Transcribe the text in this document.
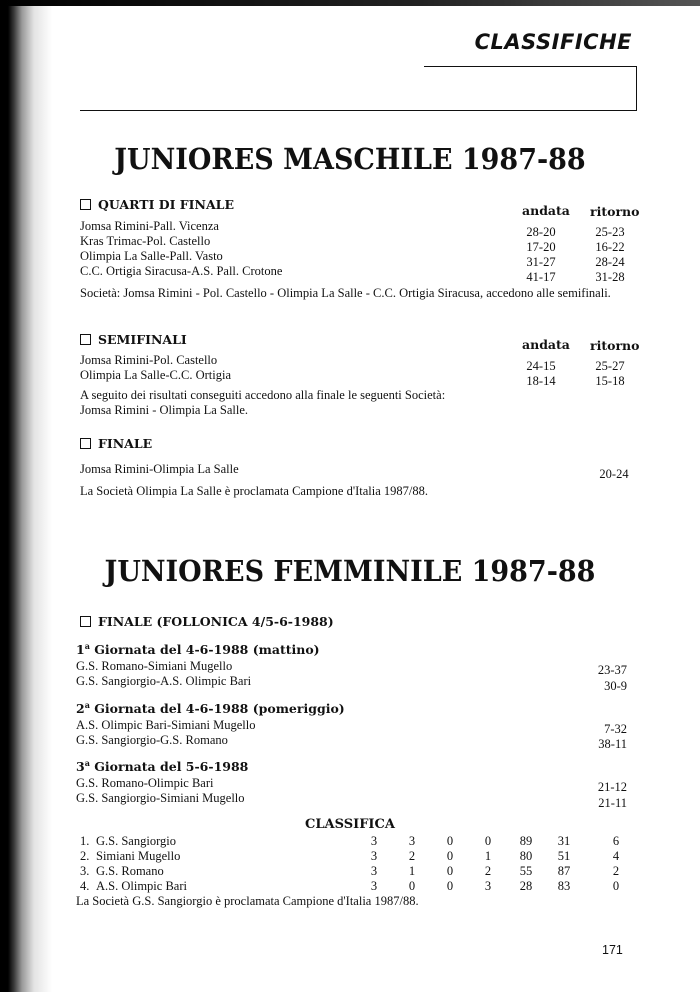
CLASSIFICHE
JUNIORES MASCHILE 1987-88
QUARTI DI FINALE	andata ritorno
Jomsa Rimini-Pall. Vicenza	28-20	25-23
Kras Trimac-Pol. Castello	17-20	16-22
Olimpia La Salle-Pall. Vasto	31-27	28-24
C.C. Ortigia Siracusa-A.S. Pall. Crotone	41-17	31-28
Società: Jomsa Rimini - Pol. Castello - Olimpia La Salle - C.C. Ortigia Siracusa, accedono alle semifinali.
SEMIFINALI	andata ritorno
Jomsa Rimini-Pol. Castello	24-15	25-27
Olimpia La Salle-C.C. Ortigia	18-14	15-18
A seguito dei risultati conseguiti accedono alla finale le seguenti Società:
Jomsa Rimini - Olimpia La Salle.
FINALE
Jomsa Rimini-Olimpia La Salle	20-24
La Società Olimpia La Salle è proclamata Campione d'Italia 1987/88.
JUNIORES FEMMINILE 1987-88
FINALE (FOLLONICA 4/5-6-1988)
1$^a$ Giornata del 4-6-1988 (mattino)
G.S. Romano-Simiani Mugello	23-37
G.S. Sangiorgio-A.S. Olimpic Bari	30-9
2$^a$ Giornata del 4-6-1988 (pomeriggio)
A.S. Olimpic Bari-Simiani Mugello	7-32
G.S. Sangiorgio-G.S. Romano	38-11
3$^a$ Giornata del 5-6-1988
G.S. Romano-Olimpic Bari	21-12
G.S. Sangiorgio-Simiani Mugello	21-11
CLASSIFICA
1. G.S. Sangiorgio	3	3	0	0	89	31	6
2. Simiani Mugello	3	2	0	1	80	51	4
3. G.S. Romano	3	1	0	2	55	87	2
4. A.S. Olimpic Bari	3	0	0	3	28	83	0
La Società G.S. Sangiorgio è proclamata Campione d'Italia 1987/88.
171
